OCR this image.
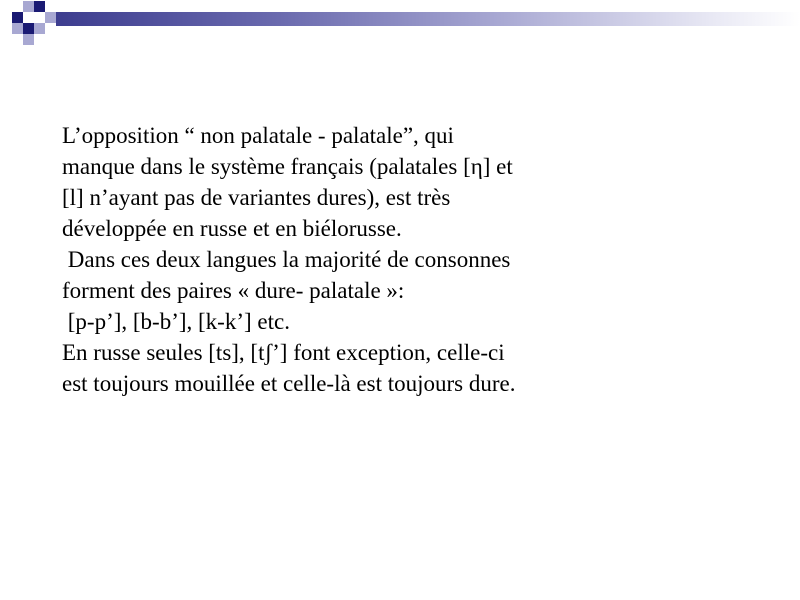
L’opposition “ non palatale - palatale”, qui
manque dans le système français (palatales [η] et
[l] n’ayant pas de variantes dures), est très
développée en russe et en biélorusse.
Dans ces deux langues la majorité de consonnes
forment des paires « dure- palatale »:
[p-p’], [b-b’], [k-k’] etc.
En russe seules [ts], [tʃ’] font exception, celle-ci
est toujours mouillée et celle-là est toujours dure.
